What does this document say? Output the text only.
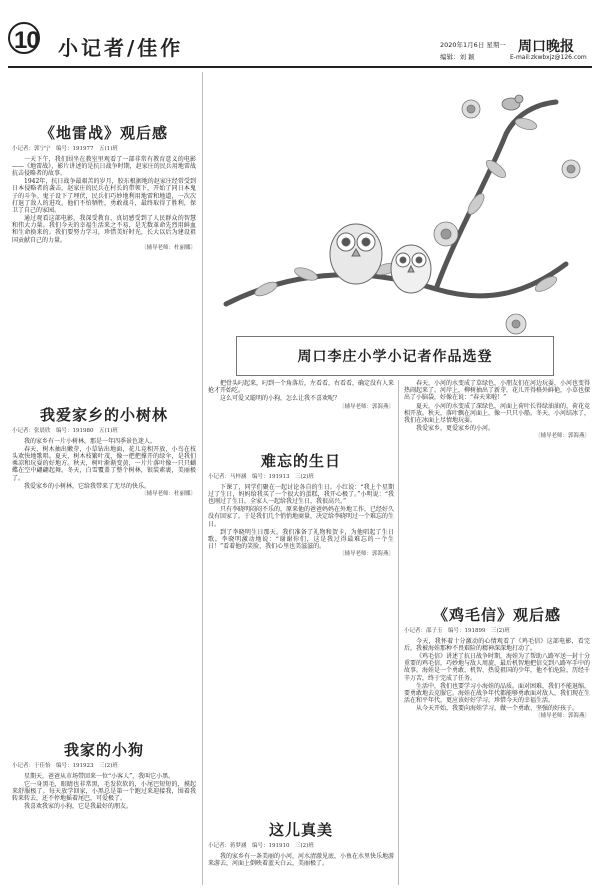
10 小记者/佳作	2020年1月6日 星期一
编辑：刘 颖
周口晚报
E-mail:zkwbxjz@126.com
《地雷战》观后感
小记者：郭宁宁　编号：191977　五(1)班

一天下午，我们围坐在教室里观看了一部非常有教育意义的电影——《地雷战》，影片讲述的是抗日战争时期，赵家庄的民兵用地雷战抗击侵略者的故事。

1942年，抗日战争最艰苦的岁月，胶东根据地的赵家庄经常受到日本侵略者的袭击，赵家庄的民兵在村长的带领下，开始了同日本鬼子的斗争。鬼子设下了埋伏，民兵们巧妙地利用地雷和地道，一次次打退了敌人的进攻。他们不怕牺牲，勇敢战斗，最终取得了胜利，保卫了自己的家园。

通过观看这部电影，我深受教育，真切感受到了人民群众的智慧和伟大力量。我们今天的幸福生活来之不易，是无数革命先烈用鲜血和生命换来的。我们要努力学习，珍惜美好时光，长大以后为建设祖国贡献自己的力量。

〔辅导老师：杜丽娜〕
我爱家乡的小树林
小记者：张晨欣　编号：191980　五(1)班

我的家乡有一片小树林，那是一年四季景色迷人。

春天，树木抽出嫩芽，小草钻出地面，花儿竞相开放，小鸟在枝头欢快地歌唱。夏天，树木枝繁叶茂，像一把把撑开的绿伞，是我们乘凉和玩耍的好地方。秋天，树叶渐渐变黄，一片片落叶像一只只蝴蝶在空中翩翩起舞。冬天，白雪覆盖了整个树林，银装素裹，美丽极了。

我爱家乡的小树林，它给我带来了无尽的快乐。

〔辅导老师：杜丽娜〕
我家的小狗
小记者：于佳怡　编号：191923　三(2)班

星期天，爸爸从市场带回来一位“小客人”，我叫它小黑。

它一身黑毛，眼睛也非常黑，毛发软软的，小尾巴短短的，摸起来舒服极了。每天放学回家，小黑总是第一个跑过来迎接我，围着我转来转去，还不停地摇着尾巴，可爱极了。

我喜欢我家的小狗，它是我最好的朋友。

把骨头叼起来，叼到一个角落后，左看看，右看看，确定没有人来抢才开始吃。

这么可爱又聪明的小狗，怎么让我不喜欢呢？

〔辅导老师：郭海燕〕
难忘的生日
小记者：马梓涵　编号：191913　三(2)班

下课了，同学们聚在一起讨论各自的生日。小红说：“我上个星期过了生日，妈妈给我买了一个很大的蛋糕，我开心极了。”小明说：“我也刚过了生日，全家人一起给我过生日，我很高兴。”

只有李晓明闷闷不乐的，原来他的爸爸妈妈在外地工作，已经好久没有回家了。于是我们几个悄悄地商量，决定给李晓明过一个难忘的生日。

到了李晓明生日那天，我们准备了礼物和贺卡，为他唱起了生日歌。李晓明激动地说：“谢谢你们，这是我过得最难忘的一个生日！”看着他的笑脸，我们心里也美滋滋的。

〔辅导老师：郭海燕〕
这儿真美
小记者：蒋梦涵　编号：191910　三(2)班

我的家乡有一条美丽的小河，河水清澈见底，小鱼在水里快乐地游来游去，河面上倒映着蓝天白云，美丽极了。

春天，小河的水变成了草绿色，小朋友们在河边玩耍，小河也变得热闹起来了。河岸上，柳树抽出了新芽，花儿开得格外鲜艳，小草也探出了小脑袋，好像在说：“春天来啦！”

夏天，小河的水变成了深绿色，河面上荷叶长得绿油油的，荷花竞相开放。秋天，落叶飘在河面上，像一只只小船。冬天，小河结冰了，我们在冰面上尽情地玩耍。

我爱家乡，更爱家乡的小河。

〔辅导老师：郭海燕〕
《鸡毛信》观后感
小记者：邵子玉　编号：191899　三(2)班

今天，我怀着十分激动的心情观看了《鸡毛信》这部电影，看完后，我被海娃那种不畏艰险的精神深深地打动了。

《鸡毛信》讲述了抗日战争时期，海娃为了帮助八路军送一封十分重要的鸡毛信，巧妙地与敌人周旋，最后机智地把信交到八路军手中的故事。海娃是一个勇敢、机智、热爱祖国的少年，他不怕危险，历经千辛万苦，终于完成了任务。

生活中，我们也要学习小海娃的品质。面对困难，我们不能退缩，要勇敢地去克服它。海娃在战争年代都能够勇敢面对敌人，我们现在生活在和平年代，更应该好好学习，珍惜今天的幸福生活。

从今天开始，我要向海娃学习，做一个勇敢、坚强的好孩子。

〔辅导老师：郭海燕〕
周口李庄小学小记者作品选登
